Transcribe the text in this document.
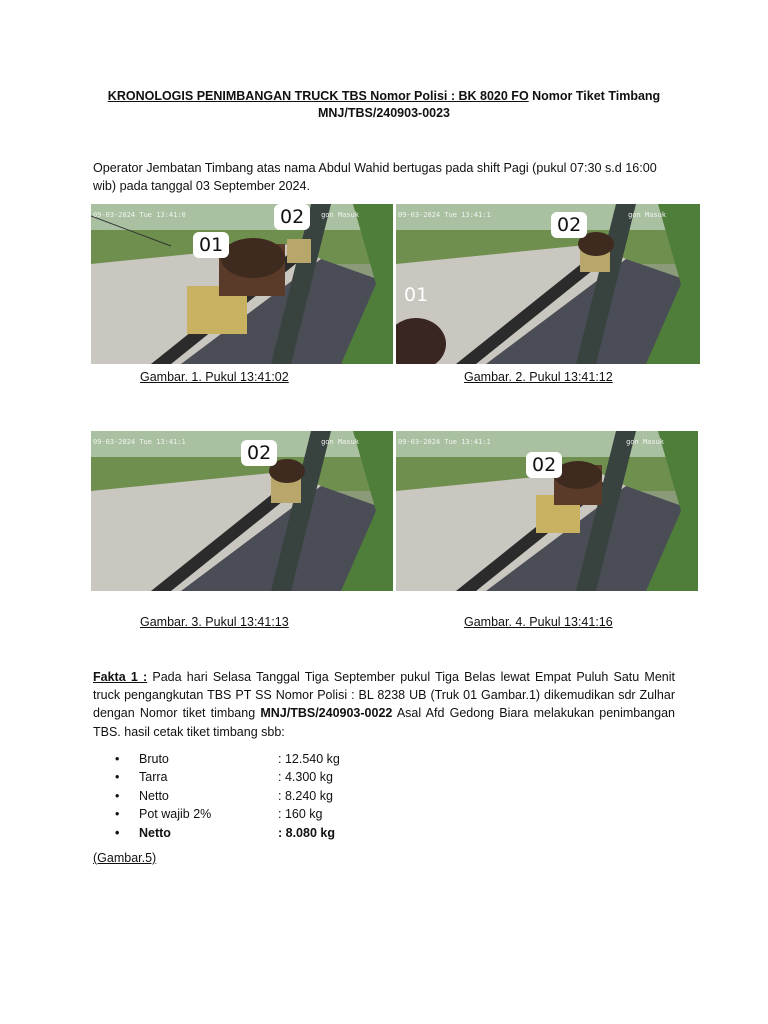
KRONOLOGIS PENIMBANGAN TRUCK TBS Nomor Polisi : BK 8020 FO Nomor Tiket Timbang
MNJ/TBS/240903-0023
Operator Jembatan Timbang atas nama Abdul Wahid bertugas pada shift Pagi (pukul 07:30 s.d 16:00 wib) pada tanggal 03 September 2024.
09-03-2024 Tue 13:41:0	gon Masuk
02
01
Gambar. 1. Pukul 13:41:02
09-03-2024 Tue 13:41:1	gon Masuk
02
01
Gambar. 2. Pukul 13:41:12
09-03-2024 Tue 13:41:1	gon Masuk
02
Gambar. 3. Pukul 13:41:13
09-03-2024 Tue 13:41:1	gon Masuk
02
Gambar. 4. Pukul 13:41:16
Fakta 1 : Pada hari Selasa Tanggal Tiga September pukul Tiga Belas lewat Empat Puluh Satu Menit truck pengangkutan TBS PT SS Nomor Polisi : BL 8238 UB (Truk 01 Gambar.1) dikemudikan sdr Zulhar dengan Nomor tiket timbang MNJ/TBS/240903-0022 Asal Afd Gedong Biara melakukan penimbangan TBS. hasil cetak tiket timbang sbb:
• Bruto	: 12.540 kg
• Tarra	: 4.300 kg
• Netto	: 8.240 kg
• Pot wajib 2%	: 160 kg
• Netto	: 8.080 kg
(Gambar.5)
